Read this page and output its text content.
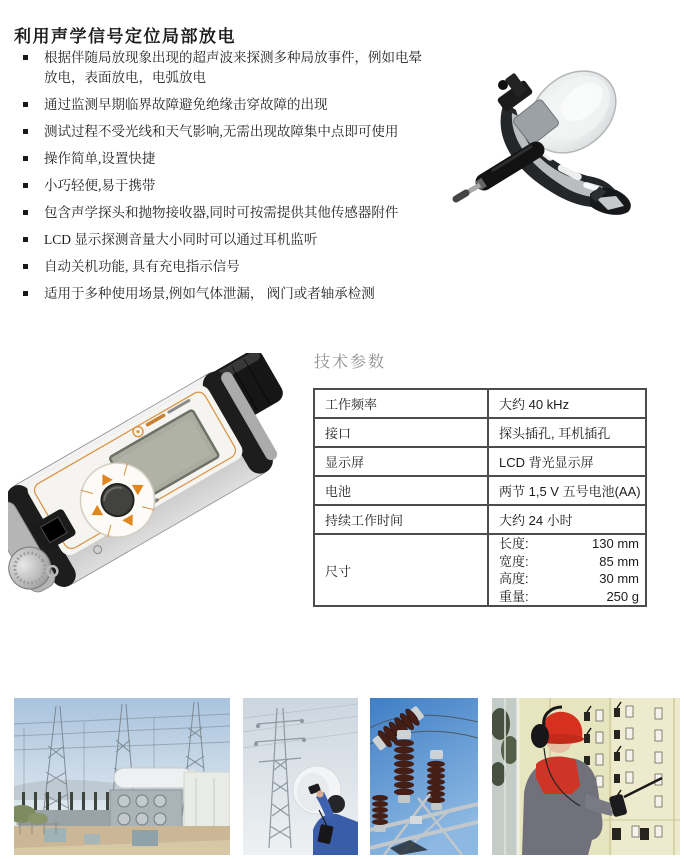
利用声学信号定位局部放电
根据伴随局放现象出现的超声波来探测多种局放事件，例如电晕放电，表面放电，电弧放电
通过监测早期临界故障避免绝缘击穿故障的出现
测试过程不受光线和天气影响,无需出现故障集中点即可使用
操作简单,设置快捷
小巧轻便,易于携带
包含声学探头和抛物接收器,同时可按需提供其他传感器附件
LCD 显示探测音量大小同时可以通过耳机监听
自动关机功能, 具有充电指示信号
适用于多种使用场景,例如气体泄漏， 阀门或者轴承检测
技术参数
工作频率	大约 40 kHz
接口	探头插孔, 耳机插孔
显示屏	LCD 背光显示屏
电池	两节 1,5 V 五号电池(AA)
持续工作时间	大约 24 小时
尺寸	
长度:	130 mm
宽度:	85 mm
高度:	30 mm
重量:	250 g
